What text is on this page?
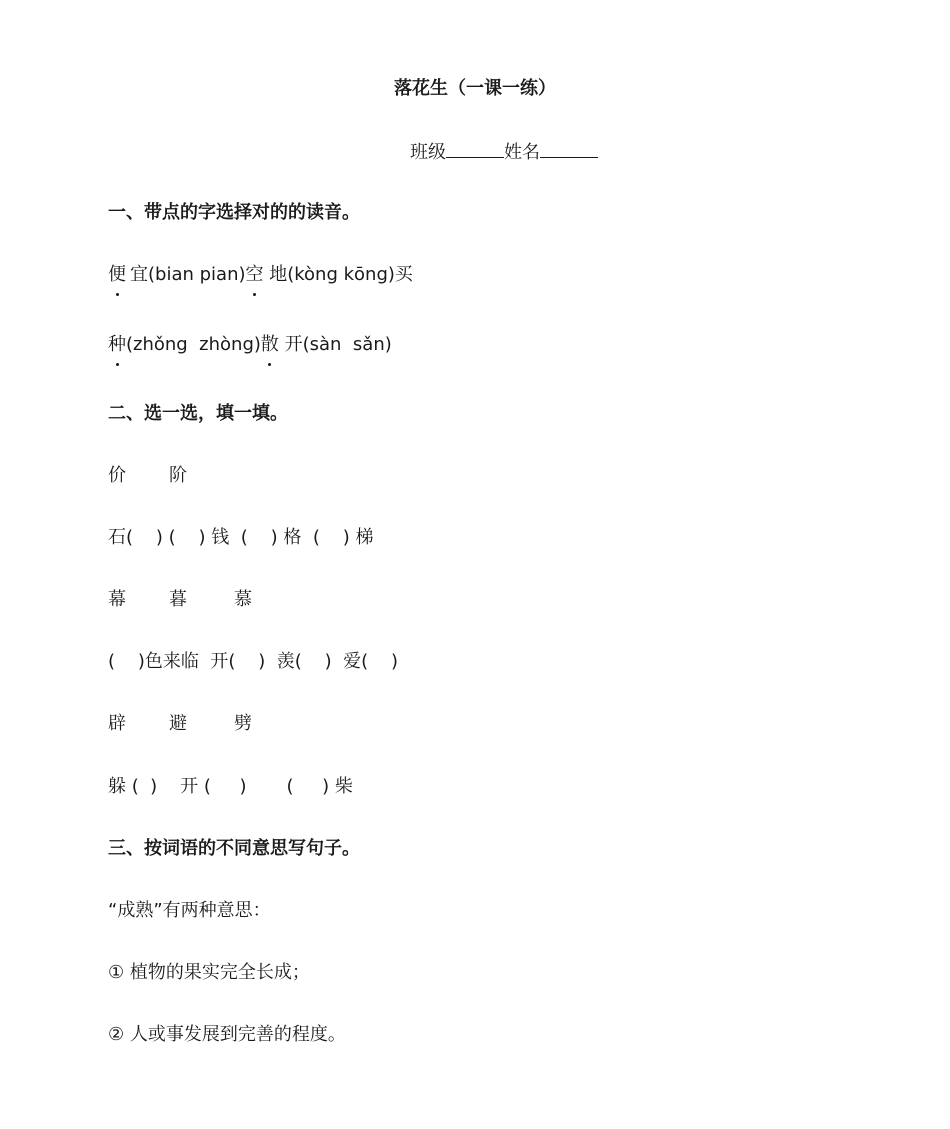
落花生（一课一练）
班级	姓名
一、带点的字选择对的的读音。
便 宜(bian pian)空 地(kòng kōng)买
种(zhǒng  zhòng)散 开(sàn  sǎn)
二、选一选，填一填。
价 阶
石(    ) (    ) 钱  (    ) 格  (    ) 梯
幕 暮	慕
(    )色来临  开(    )  羡(    )  爱(    )
辟 避	劈
躲 (  )    开 (     )       (     ) 柴
三、按词语的不同意思写句子。
“成熟”有两种意思：
① 植物的果实完全长成；
② 人或事发展到完善的程度。
